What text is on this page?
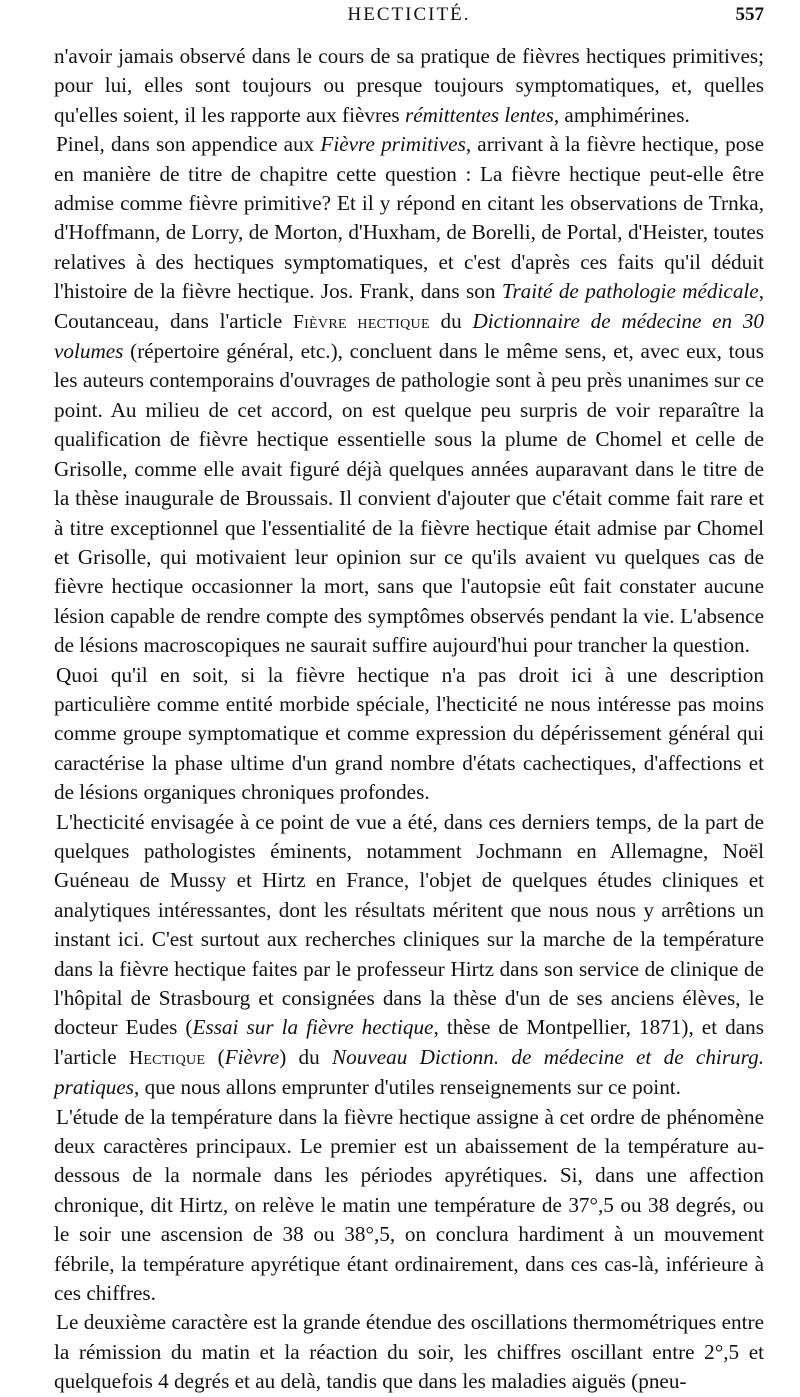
HECTICITÉ.	557

n'avoir jamais observé dans le cours de sa pratique de fièvres hectiques primitives; pour lui, elles sont toujours ou presque toujours symptomatiques, et, quelles qu'elles soient, il les rapporte aux fièvres rémittentes lentes, amphimérines.

Pinel, dans son appendice aux Fièvre primitives, arrivant à la fièvre hectique, pose en manière de titre de chapitre cette question : La fièvre hectique peut-elle être admise comme fièvre primitive? Et il y répond en citant les observations de Trnka, d'Hoffmann, de Lorry, de Morton, d'Huxham, de Borelli, de Portal, d'Heister, toutes relatives à des hectiques symptomatiques, et c'est d'après ces faits qu'il déduit l'histoire de la fièvre hectique. Jos. Frank, dans son Traité de pathologie médicale, Coutanceau, dans l'article Fièvre hectique du Dictionnaire de médecine en 30 volumes (répertoire général, etc.), concluent dans le même sens, et, avec eux, tous les auteurs contemporains d'ouvrages de pathologie sont à peu près unanimes sur ce point. Au milieu de cet accord, on est quelque peu surpris de voir reparaître la qualification de fièvre hectique essentielle sous la plume de Chomel et celle de Grisolle, comme elle avait figuré déjà quelques années auparavant dans le titre de la thèse inaugurale de Broussais. Il convient d'ajouter que c'était comme fait rare et à titre exceptionnel que l'essentialité de la fièvre hectique était admise par Chomel et Grisolle, qui motivaient leur opinion sur ce qu'ils avaient vu quelques cas de fièvre hectique occasionner la mort, sans que l'autopsie eût fait constater aucune lésion capable de rendre compte des symptômes observés pendant la vie. L'absence de lésions macroscopiques ne saurait suffire aujourd'hui pour trancher la question.

Quoi qu'il en soit, si la fièvre hectique n'a pas droit ici à une description particulière comme entité morbide spéciale, l'hecticité ne nous intéresse pas moins comme groupe symptomatique et comme expression du dépérissement général qui caractérise la phase ultime d'un grand nombre d'états cachectiques, d'affections et de lésions organiques chroniques profondes.

L'hecticité envisagée à ce point de vue a été, dans ces derniers temps, de la part de quelques pathologistes éminents, notamment Jochmann en Allemagne, Noël Guéneau de Mussy et Hirtz en France, l'objet de quelques études cliniques et analytiques intéressantes, dont les résultats méritent que nous nous y arrêtions un instant ici. C'est surtout aux recherches cliniques sur la marche de la température dans la fièvre hectique faites par le professeur Hirtz dans son service de clinique de l'hôpital de Strasbourg et consignées dans la thèse d'un de ses anciens élèves, le docteur Eudes (Essai sur la fièvre hectique, thèse de Montpellier, 1871), et dans l'article Hectique (Fièvre) du Nouveau Dictionn. de médecine et de chirurg. pratiques, que nous allons emprunter d'utiles renseignements sur ce point.

L'étude de la température dans la fièvre hectique assigne à cet ordre de phénomène deux caractères principaux. Le premier est un abaissement de la température au-dessous de la normale dans les périodes apyrétiques. Si, dans une affection chronique, dit Hirtz, on relève le matin une température de 37°,5 ou 38 degrés, ou le soir une ascension de 38 ou 38°,5, on conclura hardiment à un mouvement fébrile, la température apyrétique étant ordinairement, dans ces cas-là, inférieure à ces chiffres.

Le deuxième caractère est la grande étendue des oscillations thermométriques entre la rémission du matin et la réaction du soir, les chiffres oscillant entre 2°,5 et quelquefois 4 degrés et au delà, tandis que dans les maladies aiguës (pneu-
